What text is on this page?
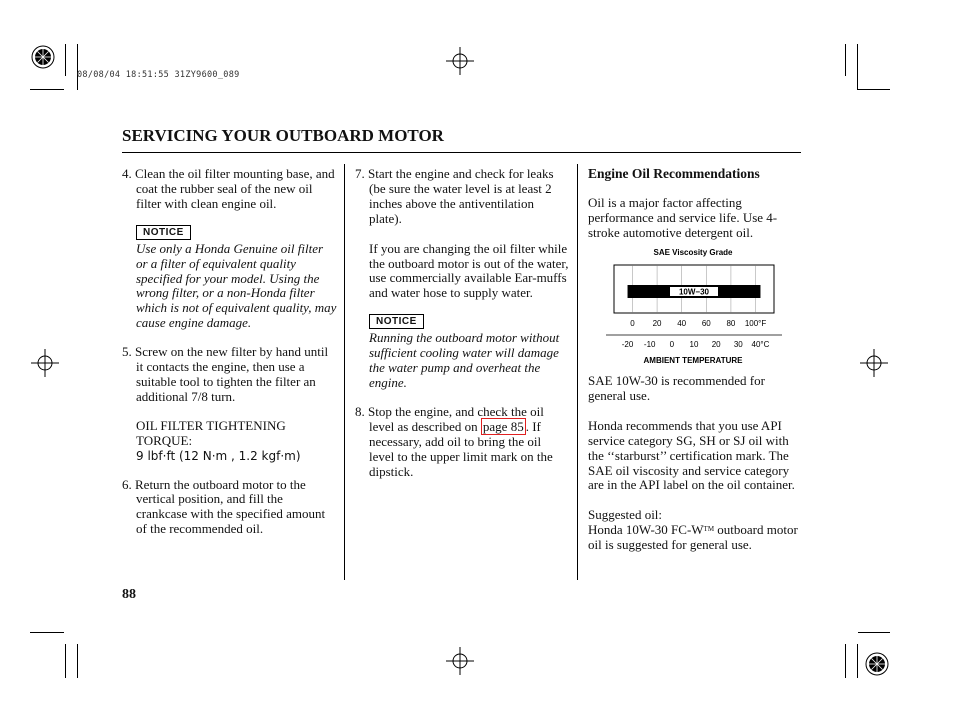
08/08/04 18:51:55 31ZY9600_089
SERVICING YOUR OUTBOARD MOTOR

4. Clean the oil filter mounting base, and coat the rubber seal of the new oil filter with clean engine oil.

NOTICE

Use only a Honda Genuine oil filter or a filter of equivalent quality specified for your model. Using the wrong filter, or a non-Honda filter which is not of equivalent quality, may cause engine damage.

5. Screw on the new filter by hand until it contacts the engine, then use a suitable tool to tighten the filter an additional 7/8 turn.

OIL FILTER TIGHTENING TORQUE:

9 lbf·ft (12 N·m , 1.2 kgf·m)

6. Return the outboard motor to the vertical position, and fill the crankcase with the specified amount of the recommended oil.

7. Start the engine and check for leaks (be sure the water level is at least 2 inches above the antiventilation plate).

If you are changing the oil filter while the outboard motor is out of the water, use commercially available Ear-muffs and water hose to supply water.

NOTICE

Running the outboard motor without sufficient cooling water will damage the water pump and overheat the engine.

8. Stop the engine, and check the oil level as described on page 85 . If necessary, add oil to bring the oil level to the upper limit mark on the dipstick.

Engine Oil Recommendations

Oil is a major factor affecting performance and service life. Use 4-stroke automotive detergent oil.

SAE Viscosity Grade
10W−30
0 20 40 60 80 100°F
-20 -10 0 10 20 30 40°C
AMBIENT TEMPERATURE

SAE 10W-30 is recommended for general use.

Honda recommends that you use API service category SG, SH or SJ oil with the ‘‘starburst’’ certification mark. The SAE oil viscosity and service category are in the API label on the oil container.

Suggested oil:

Honda 10W-30 FC-W™ outboard motor oil is suggested for general use.

88
